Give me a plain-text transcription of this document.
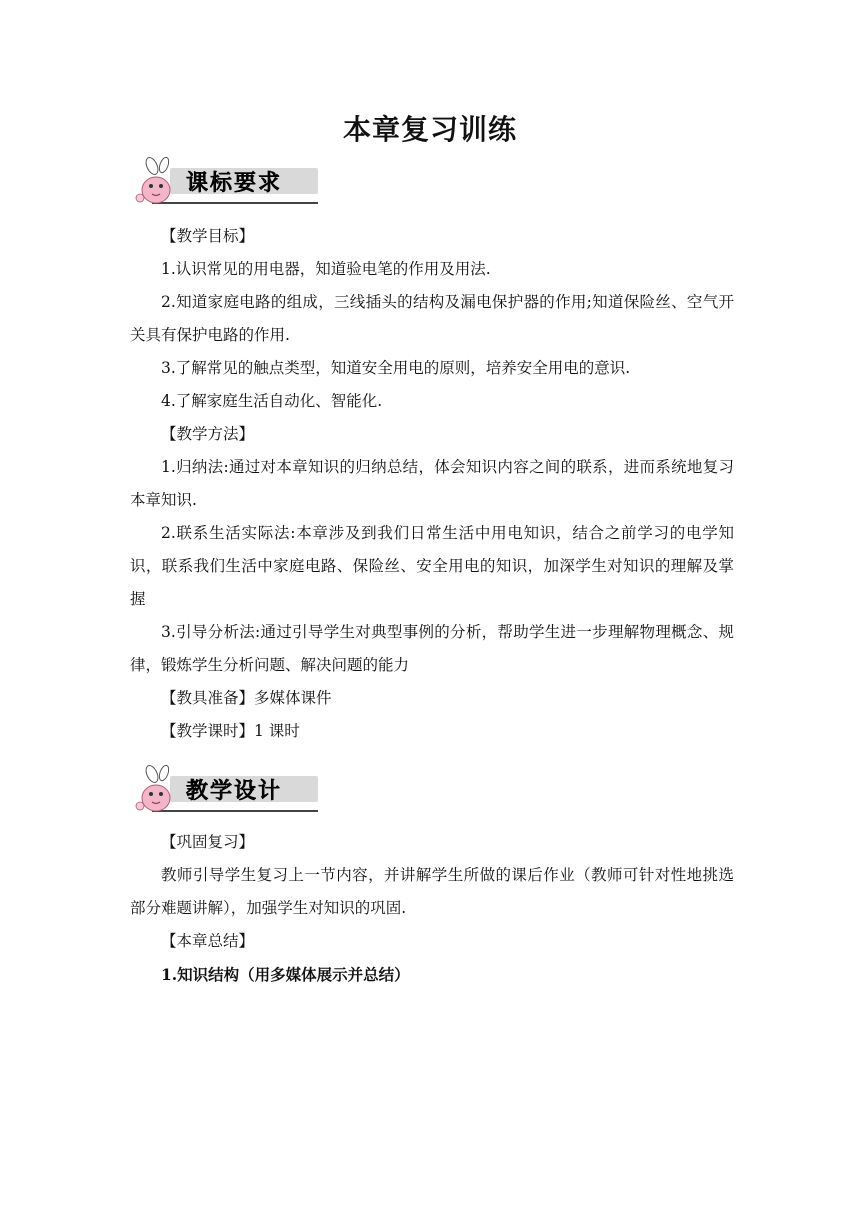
本章复习训练
课标要求

【教学目标】

1.认识常见的用电器，知道验电笔的作用及用法.

2.知道家庭电路的组成，三线插头的结构及漏电保护器的作用;知道保险丝、空气开关具有保护电路的作用.

3.了解常见的触点类型，知道安全用电的原则，培养安全用电的意识.

4.了解家庭生活自动化、智能化.

【教学方法】

1.归纳法:通过对本章知识的归纳总结，体会知识内容之间的联系，进而系统地复习本章知识.

2.联系生活实际法:本章涉及到我们日常生活中用电知识，结合之前学习的电学知识，联系我们生活中家庭电路、保险丝、安全用电的知识，加深学生对知识的理解及掌握

3.引导分析法:通过引导学生对典型事例的分析，帮助学生进一步理解物理概念、规律，锻炼学生分析问题、解决问题的能力

【教具准备】多媒体课件

【教学课时】1 课时

教学设计

【巩固复习】

教师引导学生复习上一节内容，并讲解学生所做的课后作业（教师可针对性地挑选部分难题讲解），加强学生对知识的巩固.

【本章总结】

1.知识结构（用多媒体展示并总结）
